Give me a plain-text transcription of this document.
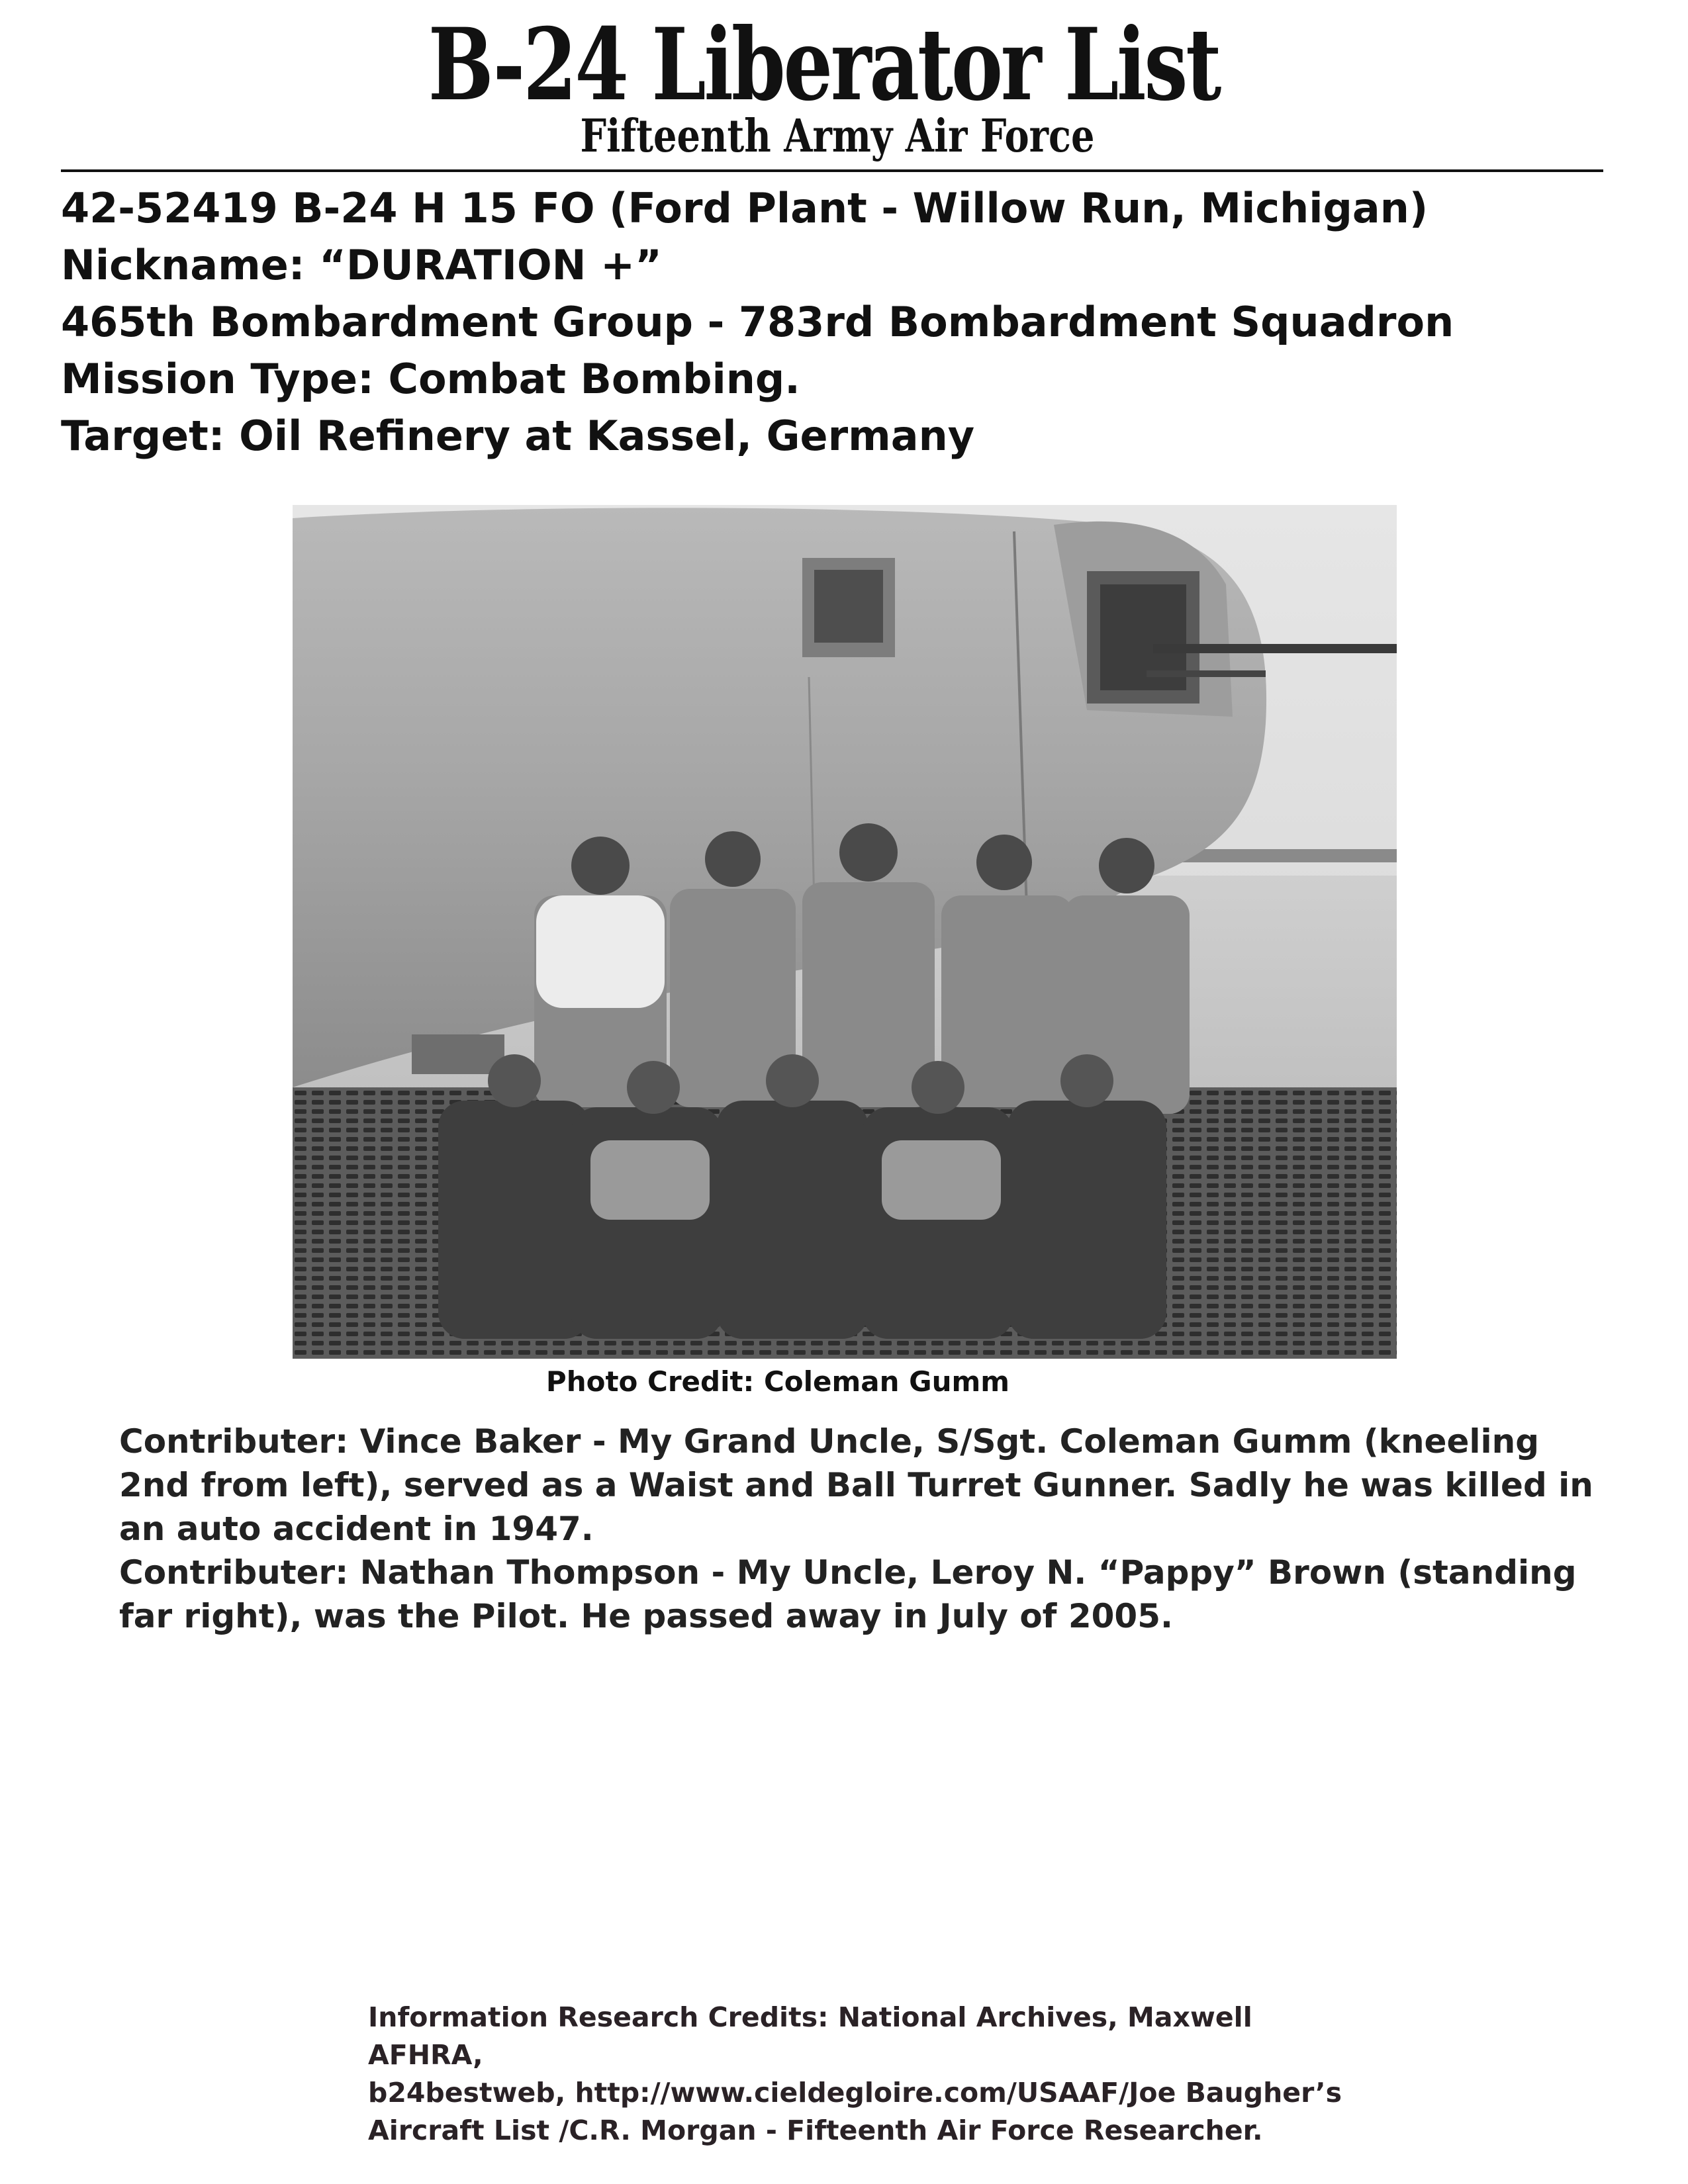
B-24 Liberator List
Fifteenth Army Air Force
42-52419 B-24 H 15 FO (Ford Plant - Willow Run, Michigan)
Nickname: “DURATION +”
465th Bombardment Group - 783rd Bombardment Squadron
Mission Type: Combat Bombing.
Target: Oil Refinery at Kassel, Germany
Photo Credit: Coleman Gumm
Contributer: Vince Baker - My Grand Uncle, S/Sgt. Coleman Gumm (kneeling 2nd from left), served as a Waist and Ball Turret Gunner. Sadly he was killed in an auto accident in 1947.
Contributer: Nathan Thompson - My Uncle, Leroy N. “Pappy” Brown (standing far right), was the Pilot. He passed away in July of 2005.
Information Research Credits: National Archives, Maxwell AFHRA,
b24bestweb, http://www.cieldegloire.com/USAAF/Joe Baugher’s
Aircraft List /C.R. Morgan - Fifteenth Air Force Researcher.
